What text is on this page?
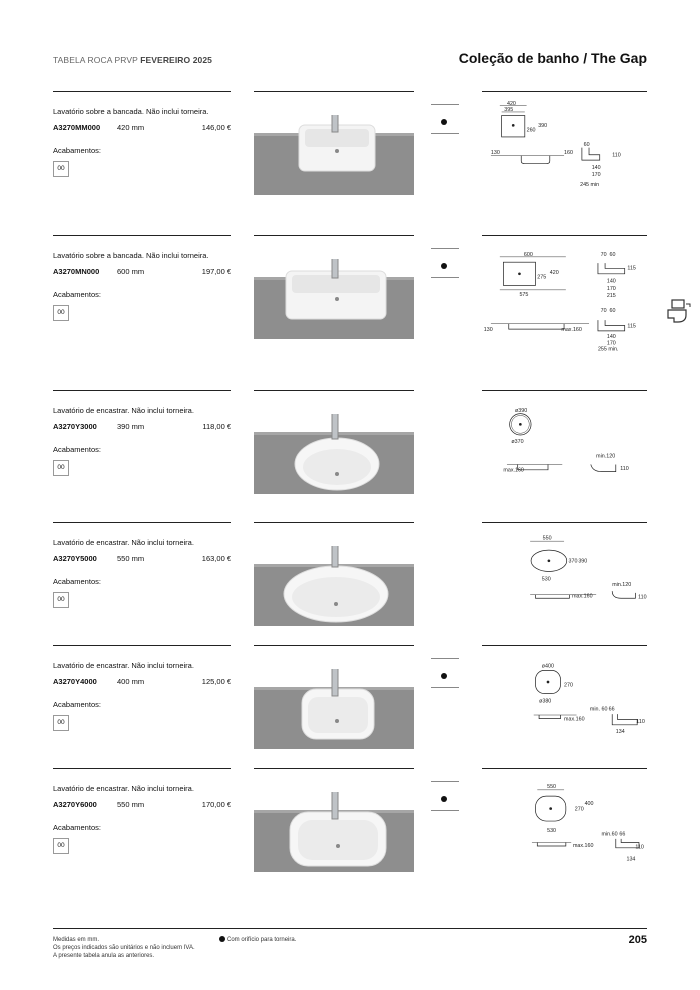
TABELA ROCA PRVP FEVEREIRO 2025	Coleção de banho / The Gap
Lavatório sobre a bancada. Não inclui torneira.
A3270MM000 420 mm	146,00 €
Acabamentos:
00
420
395
260
390
130	160
60
110
140
170
245 min
Lavatório sobre a bancada. Não inclui torneira.
A3270MN000 600 mm	197,00 €
Acabamentos:
00
600
275
420
575
70 60
115
140
170
215
130	max.160
70 60
115
140
170
255 min.
Lavatório de encastrar. Não inclui torneira.
A3270Y3000	390 mm	118,00 €
Acabamentos:
00
ø390
ø370
max.160
min.120
110
Lavatório de encastrar. Não inclui torneira.
A3270Y5000	550 mm	163,00 €
Acabamentos:
00
550
370 390
530
max.160
min.120
110
Lavatório de encastrar. Não inclui torneira.
A3270Y4000	400 mm	125,00 €
Acabamentos:
00
ø400
270
ø380
max.160
min. 60 66
110
134
Lavatório de encastrar. Não inclui torneira.
A3270Y6000	550 mm	170,00 €
Acabamentos:
00
550
400
270
530
max.160
min.60 66
110
134
Medidas em mm.
Os preços indicados são unitários e não incluem IVA.
A presente tabela anula as anteriores.
Com orifício para torneira.	205
